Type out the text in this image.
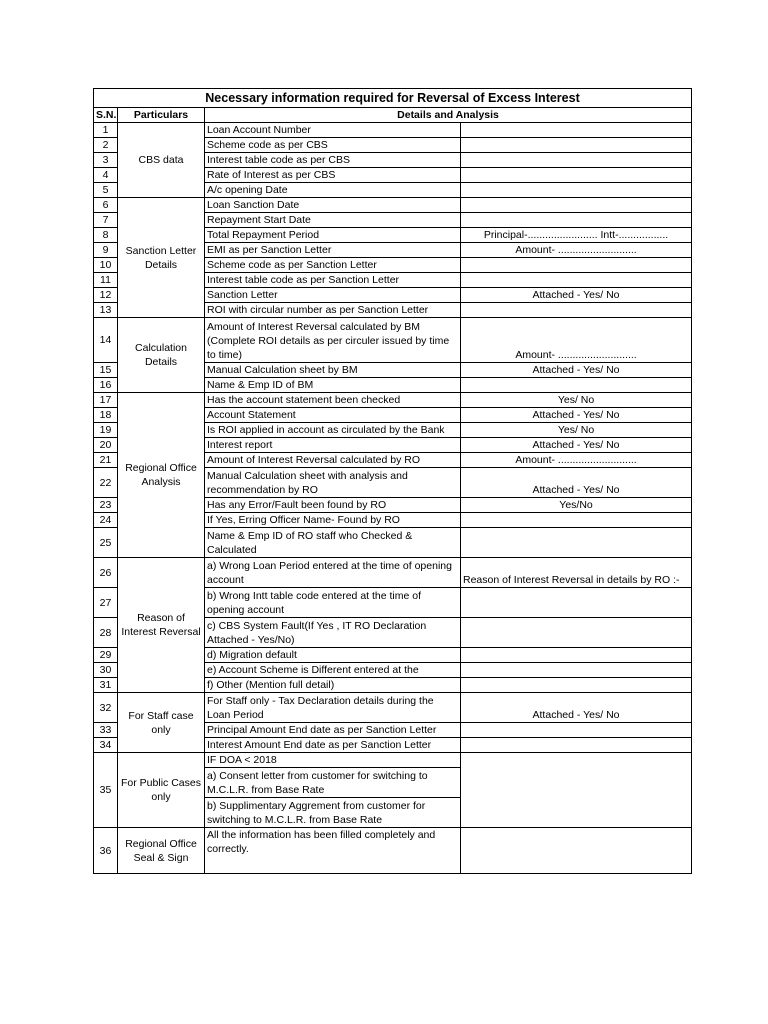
Necessary information required for Reversal of Excess Interest			
S.N.	Particulars	Details and Analysis	
1	CBS data	Loan Account Number	
2		Scheme code as per CBS	
3		Interest table code as per CBS	
4		Rate of Interest as per CBS	
5		A/c opening Date	
6	Sanction Letter Details	Loan Sanction Date	
7		Repayment Start Date	
8		Total Repayment Period	Principal-........................ Intt-.................
9		EMI as per Sanction Letter	Amount- ...........................
10		Scheme code as per Sanction Letter	
11		Interest table code as per Sanction Letter	
12		Sanction Letter	Attached - Yes/ No
13		ROI with circular number as per Sanction Letter	
14	Calculation Details	Amount of Interest Reversal calculated by BM (Complete ROI details as per circuler issued by time to time)	Amount- ...........................
15		Manual Calculation sheet by BM	Attached - Yes/ No
16		Name & Emp ID of BM	
17	Regional Office Analysis	Has the account statement been checked	Yes/ No
18		Account Statement	Attached - Yes/ No
19		Is ROI applied in account as circulated by the Bank	Yes/ No
20		Interest report	Attached - Yes/ No
21		Amount of Interest Reversal calculated by RO	Amount- ...........................
22		Manual Calculation sheet with analysis and recommendation by RO	Attached - Yes/ No
23		Has any Error/Fault been found by RO	Yes/No
24		If Yes, Erring Officer Name- Found by RO	
25		Name & Emp ID of RO staff who Checked & Calculated	
26	Reason of Interest Reversal	a) Wrong Loan Period entered at the time of opening account	Reason of Interest Reversal in details by RO :-
27		b) Wrong Intt table code entered at the time of opening account	
28		c) CBS System Fault(If Yes , IT RO Declaration Attached - Yes/No)	
29		d) Migration default	
30		e) Account Scheme is Different entered at the	
31		f) Other (Mention full detail)	
32	For Staff case only	For Staff only - Tax Declaration details during the Loan Period	Attached - Yes/ No
33		Principal Amount End date as per Sanction Letter	
34		Interest Amount End date as per Sanction Letter	
35	For Public Cases only	IF DOA < 2018	
		a) Consent letter from customer for switching to M.C.L.R. from Base Rate	
		b) Supplimentary Aggrement from customer for switching to M.C.L.R. from Base Rate	
36	Regional Office Seal & Sign	All the information has been filled completely and correctly.	
